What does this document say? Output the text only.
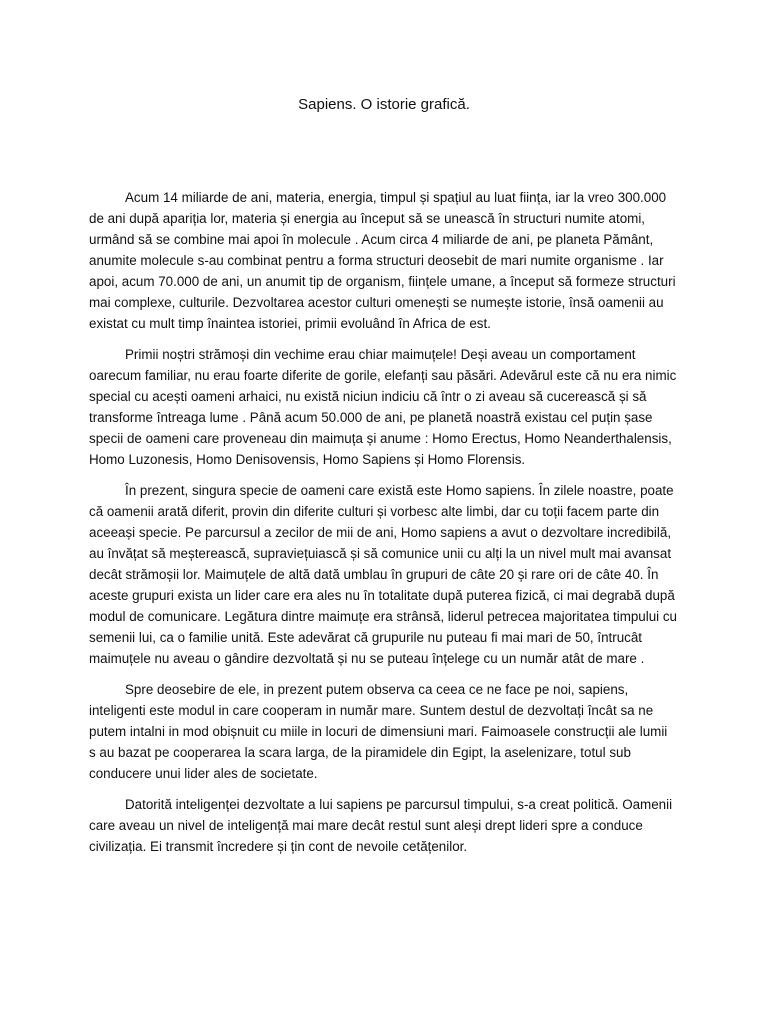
Sapiens. O istorie grafică.

Acum 14 miliarde de ani, materia, energia, timpul și spațiul au luat ființa, iar la vreo 300.000 de ani după apariția lor, materia și energia au început să se unească în structuri numite atomi, urmând să se combine mai apoi în molecule . Acum circa 4 miliarde de ani, pe planeta Pământ, anumite molecule s-au combinat pentru a forma structuri deosebit de mari numite organisme . Iar apoi, acum 70.000 de ani, un anumit tip de organism, ființele umane, a început să formeze structuri mai complexe, culturile. Dezvoltarea acestor culturi omenești se numește istorie, însă oamenii au existat cu mult timp înaintea istoriei, primii evoluând în Africa de est.

Primii noștri strămoși din vechime erau chiar maimuțele! Deși aveau un comportament oarecum familiar, nu erau foarte diferite de gorile, elefanți sau păsări. Adevărul este că nu era nimic special cu acești oameni arhaici, nu există niciun indiciu că într o zi aveau să cucerească și să transforme întreaga lume . Până acum 50.000 de ani, pe planetă noastră existau cel puțin șase specii de oameni care proveneau din maimuța și anume : Homo Erectus, Homo Neanderthalensis, Homo Luzonesis, Homo Denisovensis, Homo Sapiens și Homo Florensis.

În prezent, singura specie de oameni care există este Homo sapiens. În zilele noastre, poate că oamenii arată diferit, provin din diferite culturi și vorbesc alte limbi, dar cu toții facem parte din aceeași specie. Pe parcursul a zecilor de mii de ani, Homo sapiens a avut o dezvoltare incredibilă, au învățat să meșterească, supraviețuiască și să comunice unii cu alți la un nivel mult mai avansat decât strămoșii lor. Maimuțele de altă dată umblau în grupuri de câte 20 și rare ori de câte 40. În aceste grupuri exista un lider care era ales nu în totalitate după puterea fizică, ci mai degrabă după modul de comunicare. Legătura dintre maimuțe era strânsă, liderul petrecea majoritatea timpului cu semenii lui, ca o familie unită. Este adevărat că grupurile nu puteau fi mai mari de 50, întrucât maimuțele nu aveau o gândire dezvoltată și nu se puteau înțelege cu un număr atât de mare .

Spre deosebire de ele, in prezent putem observa ca ceea ce ne face pe noi, sapiens, inteligenti este modul in care cooperam in număr mare. Suntem destul de dezvoltați încât sa ne putem intalni in mod obișnuit cu miile in locuri de dimensiuni mari. Faimoasele construcții ale lumii s au bazat pe cooperarea la scara larga, de la piramidele din Egipt, la aselenizare, totul sub conducere unui lider ales de societate.

Datorită inteligenței dezvoltate a lui sapiens pe parcursul timpului, s-a creat politică. Oamenii care aveau un nivel de inteligență mai mare decât restul sunt aleși drept lideri spre a conduce civilizația. Ei transmit încredere și țin cont de nevoile cetățenilor.
